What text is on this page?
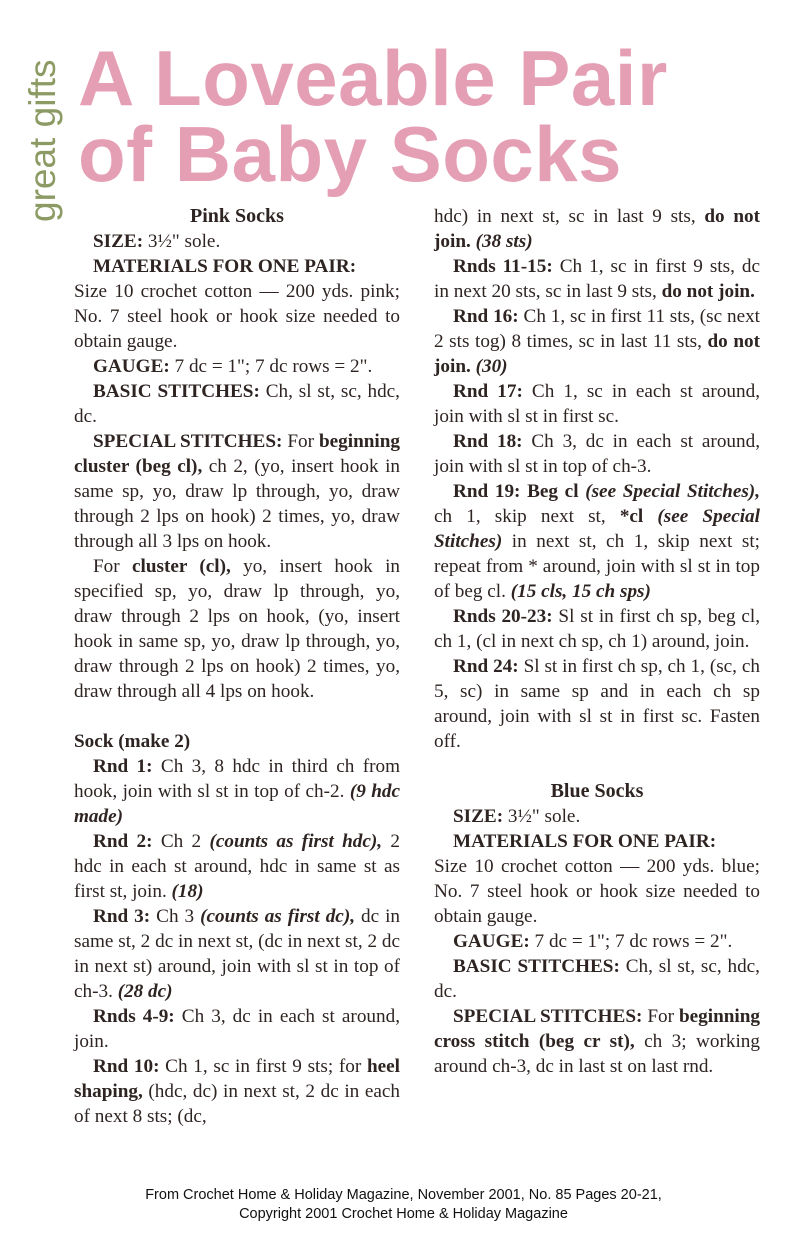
great gifts A Loveable Pair
of Baby Socks

Pink Socks

SIZE: 3½" sole.

MATERIALS FOR ONE PAIR:

Size 10 crochet cotton — 200 yds. pink; No. 7 steel hook or hook size needed to obtain gauge.

GAUGE: 7 dc = 1"; 7 dc rows = 2".

BASIC STITCHES: Ch, sl st, sc, hdc, dc.

SPECIAL STITCHES: For beginning cluster (beg cl), ch 2, (yo, insert hook in same sp, yo, draw lp through, yo, draw through 2 lps on hook) 2 times, yo, draw through all 3 lps on hook.

For cluster (cl), yo, insert hook in specified sp, yo, draw lp through, yo, draw through 2 lps on hook, (yo, insert hook in same sp, yo, draw lp through, yo, draw through 2 lps on hook) 2 times, yo, draw through all 4 lps on hook.

Sock (make 2)

Rnd 1: Ch 3, 8 hdc in third ch from hook, join with sl st in top of ch-2. (9 hdc made)

Rnd 2: Ch 2 (counts as first hdc), 2 hdc in each st around, hdc in same st as first st, join. (18)

Rnd 3: Ch 3 (counts as first dc), dc in same st, 2 dc in next st, (dc in next st, 2 dc in next st) around, join with sl st in top of ch-3. (28 dc)

Rnds 4-9: Ch 3, dc in each st around, join.

Rnd 10: Ch 1, sc in first 9 sts; for heel shaping, (hdc, dc) in next st, 2 dc in each of next 8 sts; (dc,

hdc) in next st, sc in last 9 sts, do not join. (38 sts)

Rnds 11-15: Ch 1, sc in first 9 sts, dc in next 20 sts, sc in last 9 sts, do not join.

Rnd 16: Ch 1, sc in first 11 sts, (sc next 2 sts tog) 8 times, sc in last 11 sts, do not join. (30)

Rnd 17: Ch 1, sc in each st around, join with sl st in first sc.

Rnd 18: Ch 3, dc in each st around, join with sl st in top of ch-3.

Rnd 19: Beg cl (see Special Stitches), ch 1, skip next st, *cl (see Special Stitches) in next st, ch 1, skip next st; repeat from * around, join with sl st in top of beg cl. (15 cls, 15 ch sps)

Rnds 20-23: Sl st in first ch sp, beg cl, ch 1, (cl in next ch sp, ch 1) around, join.

Rnd 24: Sl st in first ch sp, ch 1, (sc, ch 5, sc) in same sp and in each ch sp around, join with sl st in first sc. Fasten off.

Blue Socks

SIZE: 3½" sole.

MATERIALS FOR ONE PAIR:

Size 10 crochet cotton — 200 yds. blue; No. 7 steel hook or hook size needed to obtain gauge.

GAUGE: 7 dc = 1"; 7 dc rows = 2".

BASIC STITCHES: Ch, sl st, sc, hdc, dc.

SPECIAL STITCHES: For beginning cross stitch (beg cr st), ch 3; working around ch-3, dc in last st on last rnd.

From Crochet Home & Holiday Magazine, November 2001, No. 85 Pages 20-21,
Copyright 2001 Crochet Home & Holiday Magazine
